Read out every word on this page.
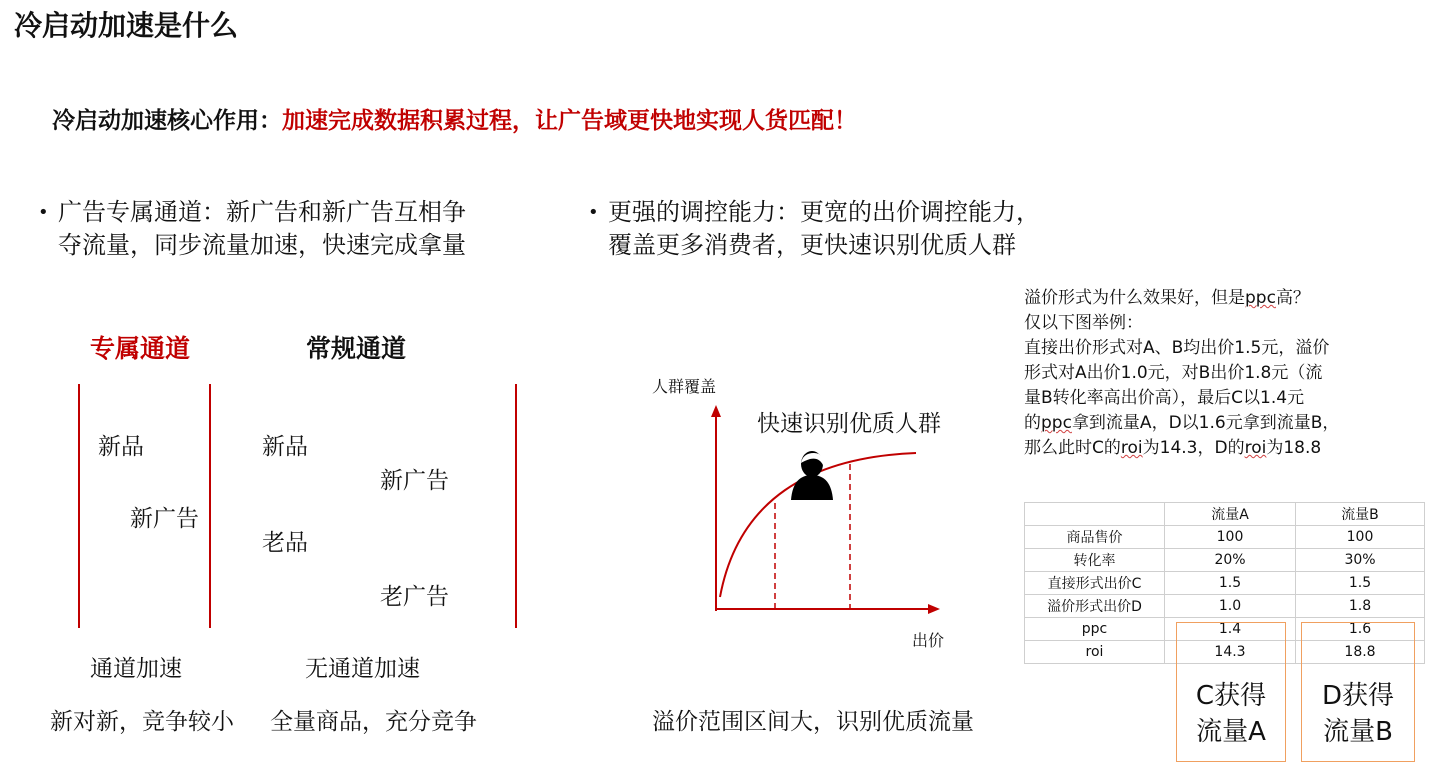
冷启动加速是什么
冷启动加速核心作用：加速完成数据积累过程，让广告域更快地实现人货匹配！
• 广告专属通道：新广告和新广告互相争
夺流量，同步流量加速，快速完成拿量
• 更强的调控能力：更宽的出价调控能力，
覆盖更多消费者，更快速识别优质人群
专属通道	常规通道
新品
新广告
新品
新广告
老品
老广告
通道加速	无通道加速
新对新，竞争较小 全量商品，充分竞争
人群覆盖
快速识别优质人群
出价
溢价范围区间大，识别优质流量
溢价形式为什么效果好，但是ppc高？
仅以下图举例：
直接出价形式对A、B均出价1.5元，溢价
形式对A出价1.0元，对B出价1.8元（流
量B转化率高出价高），最后C以1.4元
的ppc拿到流量A，D以1.6元拿到流量B，
那么此时C的roi为14.3，D的roi为18.8
	流量A	流量B
商品售价	100	100
转化率	20%	30%
直接形式出价C	1.5	1.5
溢价形式出价D	1.0	1.8
ppc	1.4	1.6
roi	14.3	18.8
C获得
流量A
D获得
流量B
